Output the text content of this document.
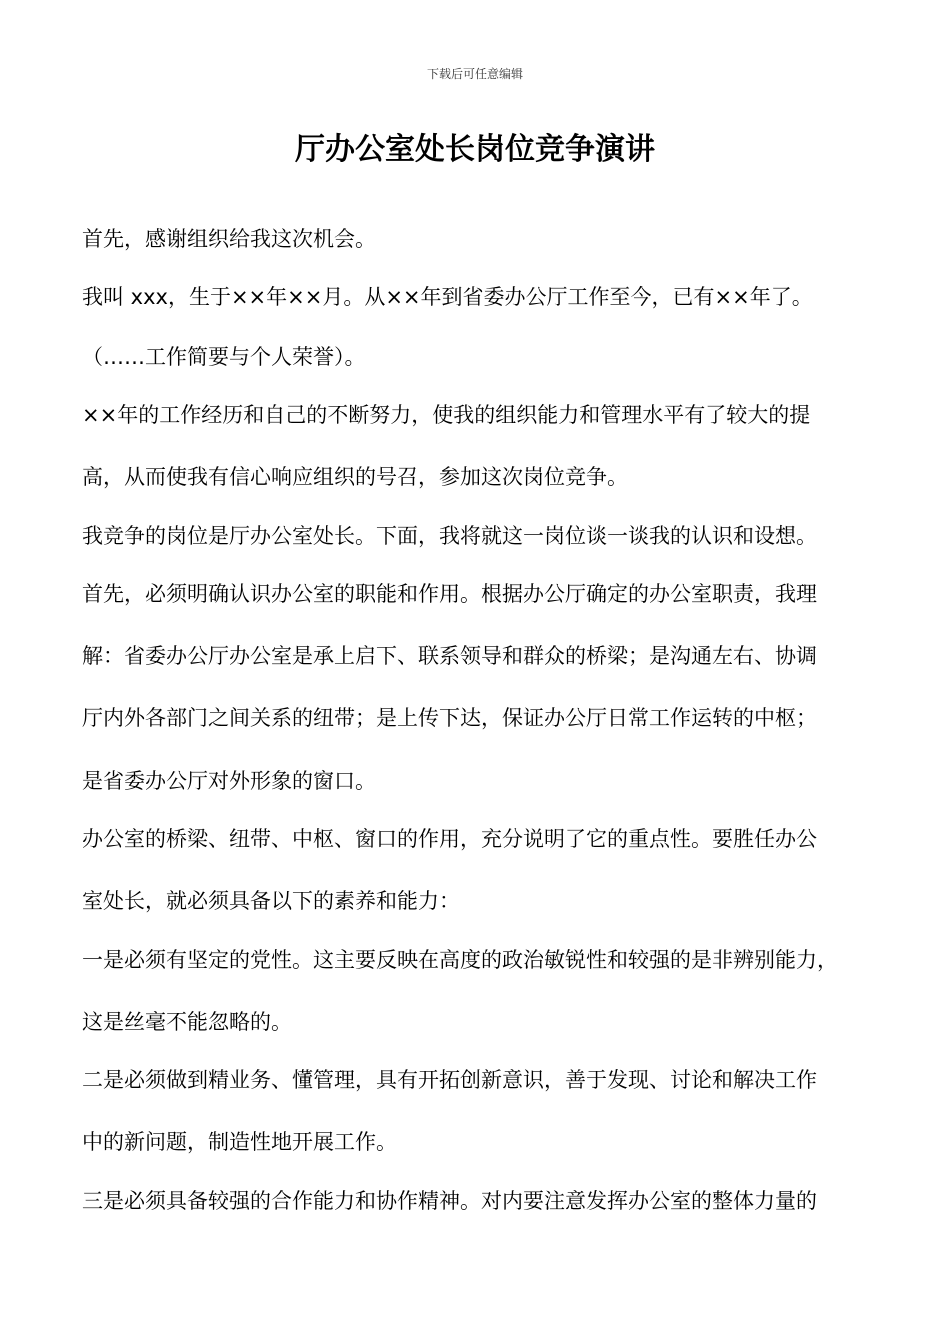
下载后可任意编辑
厅办公室处长岗位竞争演讲

首先，感谢组织给我这次机会。

我叫 xxx，生于××年××月。从××年到省委办公厅工作至今，已有××年了。

（……工作简要与个人荣誉）。

××年的工作经历和自己的不断努力，使我的组织能力和管理水平有了较大的提

高，从而使我有信心响应组织的号召，参加这次岗位竞争。

我竞争的岗位是厅办公室处长。下面，我将就这一岗位谈一谈我的认识和设想。

首先，必须明确认识办公室的职能和作用。根据办公厅确定的办公室职责，我理

解：省委办公厅办公室是承上启下、联系领导和群众的桥梁；是沟通左右、协调

厅内外各部门之间关系的纽带；是上传下达，保证办公厅日常工作运转的中枢；

是省委办公厅对外形象的窗口。

办公室的桥梁、纽带、中枢、窗口的作用，充分说明了它的重点性。要胜任办公

室处长，就必须具备以下的素养和能力：

一是必须有坚定的党性。这主要反映在高度的政治敏锐性和较强的是非辨别能力，

这是丝毫不能忽略的。

二是必须做到精业务、懂管理，具有开拓创新意识，善于发现、讨论和解决工作

中的新问题，制造性地开展工作。

三是必须具备较强的合作能力和协作精神。对内要注意发挥办公室的整体力量的
